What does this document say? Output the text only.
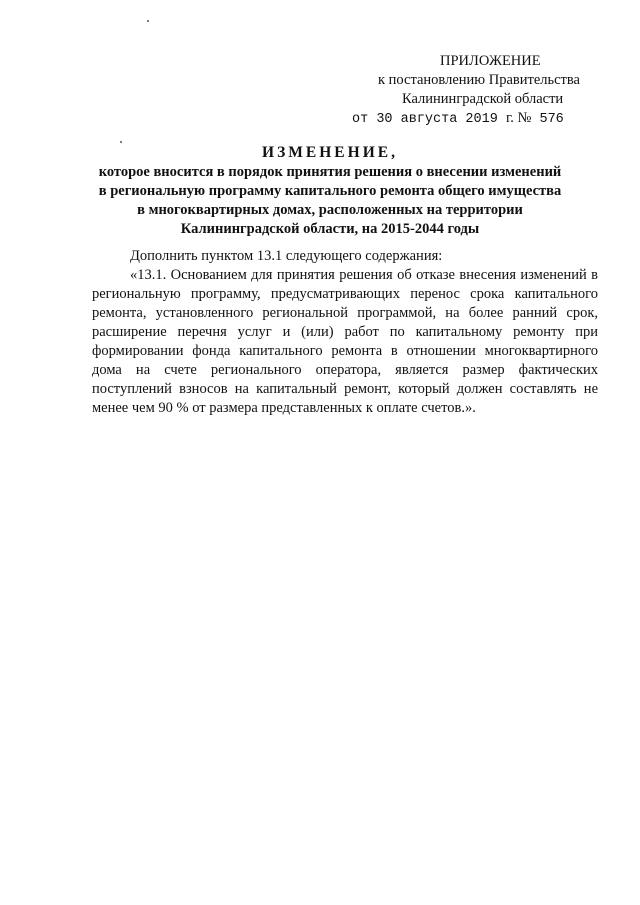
ПРИЛОЖЕНИЕ
к постановлению Правительства
Калининградской области
от 30 августа 2019 г. № 576
ИЗМЕНЕНИЕ,
которое вносится в порядок принятия решения о внесении изменений
в региональную программу капитального ремонта общего имущества
в многоквартирных домах, расположенных на территории
Калининградской области, на 2015-2044 годы

Дополнить пунктом 13.1 следующего содержания:

«13.1. Основанием для принятия решения об отказе внесения изменений в региональную программу, предусматривающих перенос срока капитального ремонта, установленного региональной программой, на более ранний срок, расширение перечня услуг и (или) работ по капитальному ремонту при формировании фонда капитального ремонта в отношении многоквартирного дома на счете регионального оператора, является размер фактических поступлений взносов на капитальный ремонт, который должен составлять не менее чем 90 % от размера представленных к оплате счетов.».
